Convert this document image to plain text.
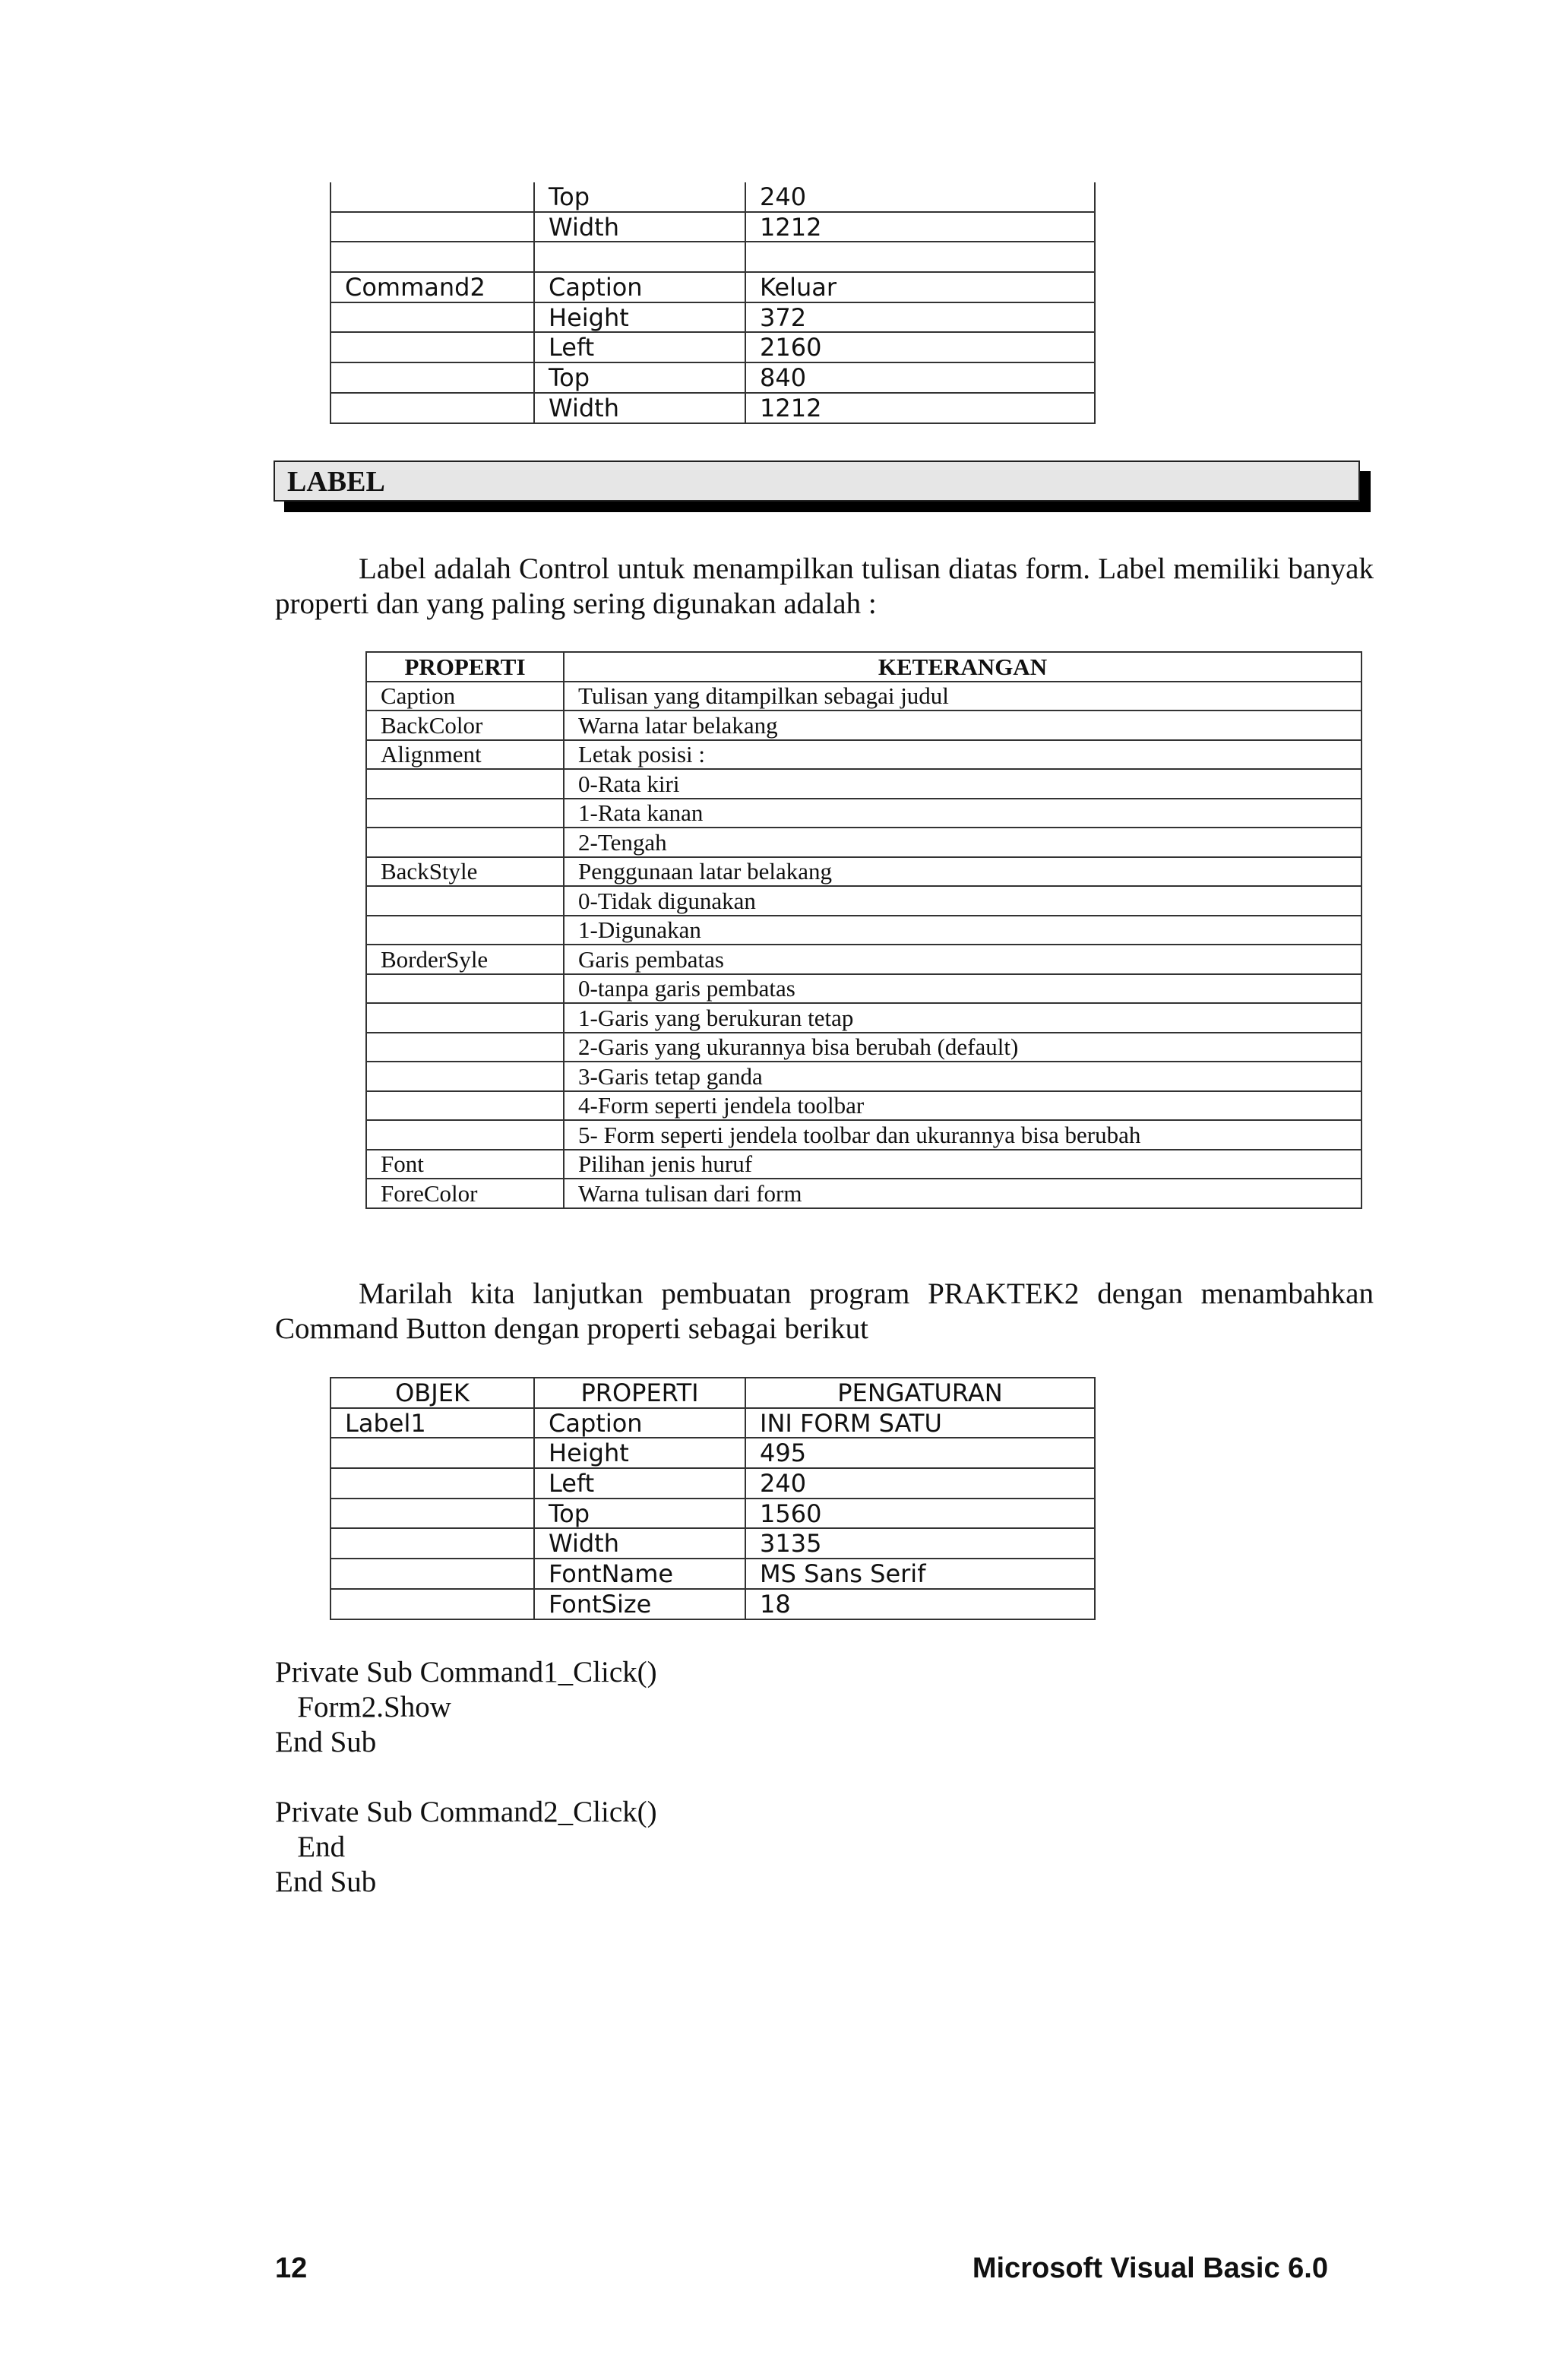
	Top	240
	Width	1212

Command2	Caption	Keluar
	Height	372
	Left	2160
	Top	840
	Width	1212
LABEL

Label adalah Control untuk menampilkan tulisan diatas form. Label memiliki banyak properti dan yang paling sering digunakan adalah :

PROPERTI	KETERANGAN
Caption	Tulisan yang ditampilkan sebagai judul
BackColor	Warna latar belakang
Alignment	Letak posisi :
	0-Rata kiri
	1-Rata kanan
	2-Tengah
BackStyle	Penggunaan latar belakang
	0-Tidak digunakan
	1-Digunakan
BorderSyle	Garis pembatas
	0-tanpa garis pembatas
	1-Garis yang berukuran tetap
	2-Garis yang ukurannya bisa berubah (default)
	3-Garis tetap ganda
	4-Form seperti jendela toolbar
	5- Form seperti jendela toolbar dan ukurannya bisa berubah
Font	Pilihan jenis huruf
ForeColor	Warna tulisan dari form

Marilah kita lanjutkan pembuatan program PRAKTEK2 dengan menambahkan Command Button dengan properti sebagai berikut

OBJEK	PROPERTI	PENGATURAN
Label1	Caption	INI FORM SATU
	Height	495
	Left	240
	Top	1560
	Width	3135
	FontName	MS Sans Serif
	FontSize	18
Private Sub Command1_Click()
Form2.Show
End Sub
Private Sub Command2_Click()
End
End Sub
12	Microsoft Visual Basic 6.0
